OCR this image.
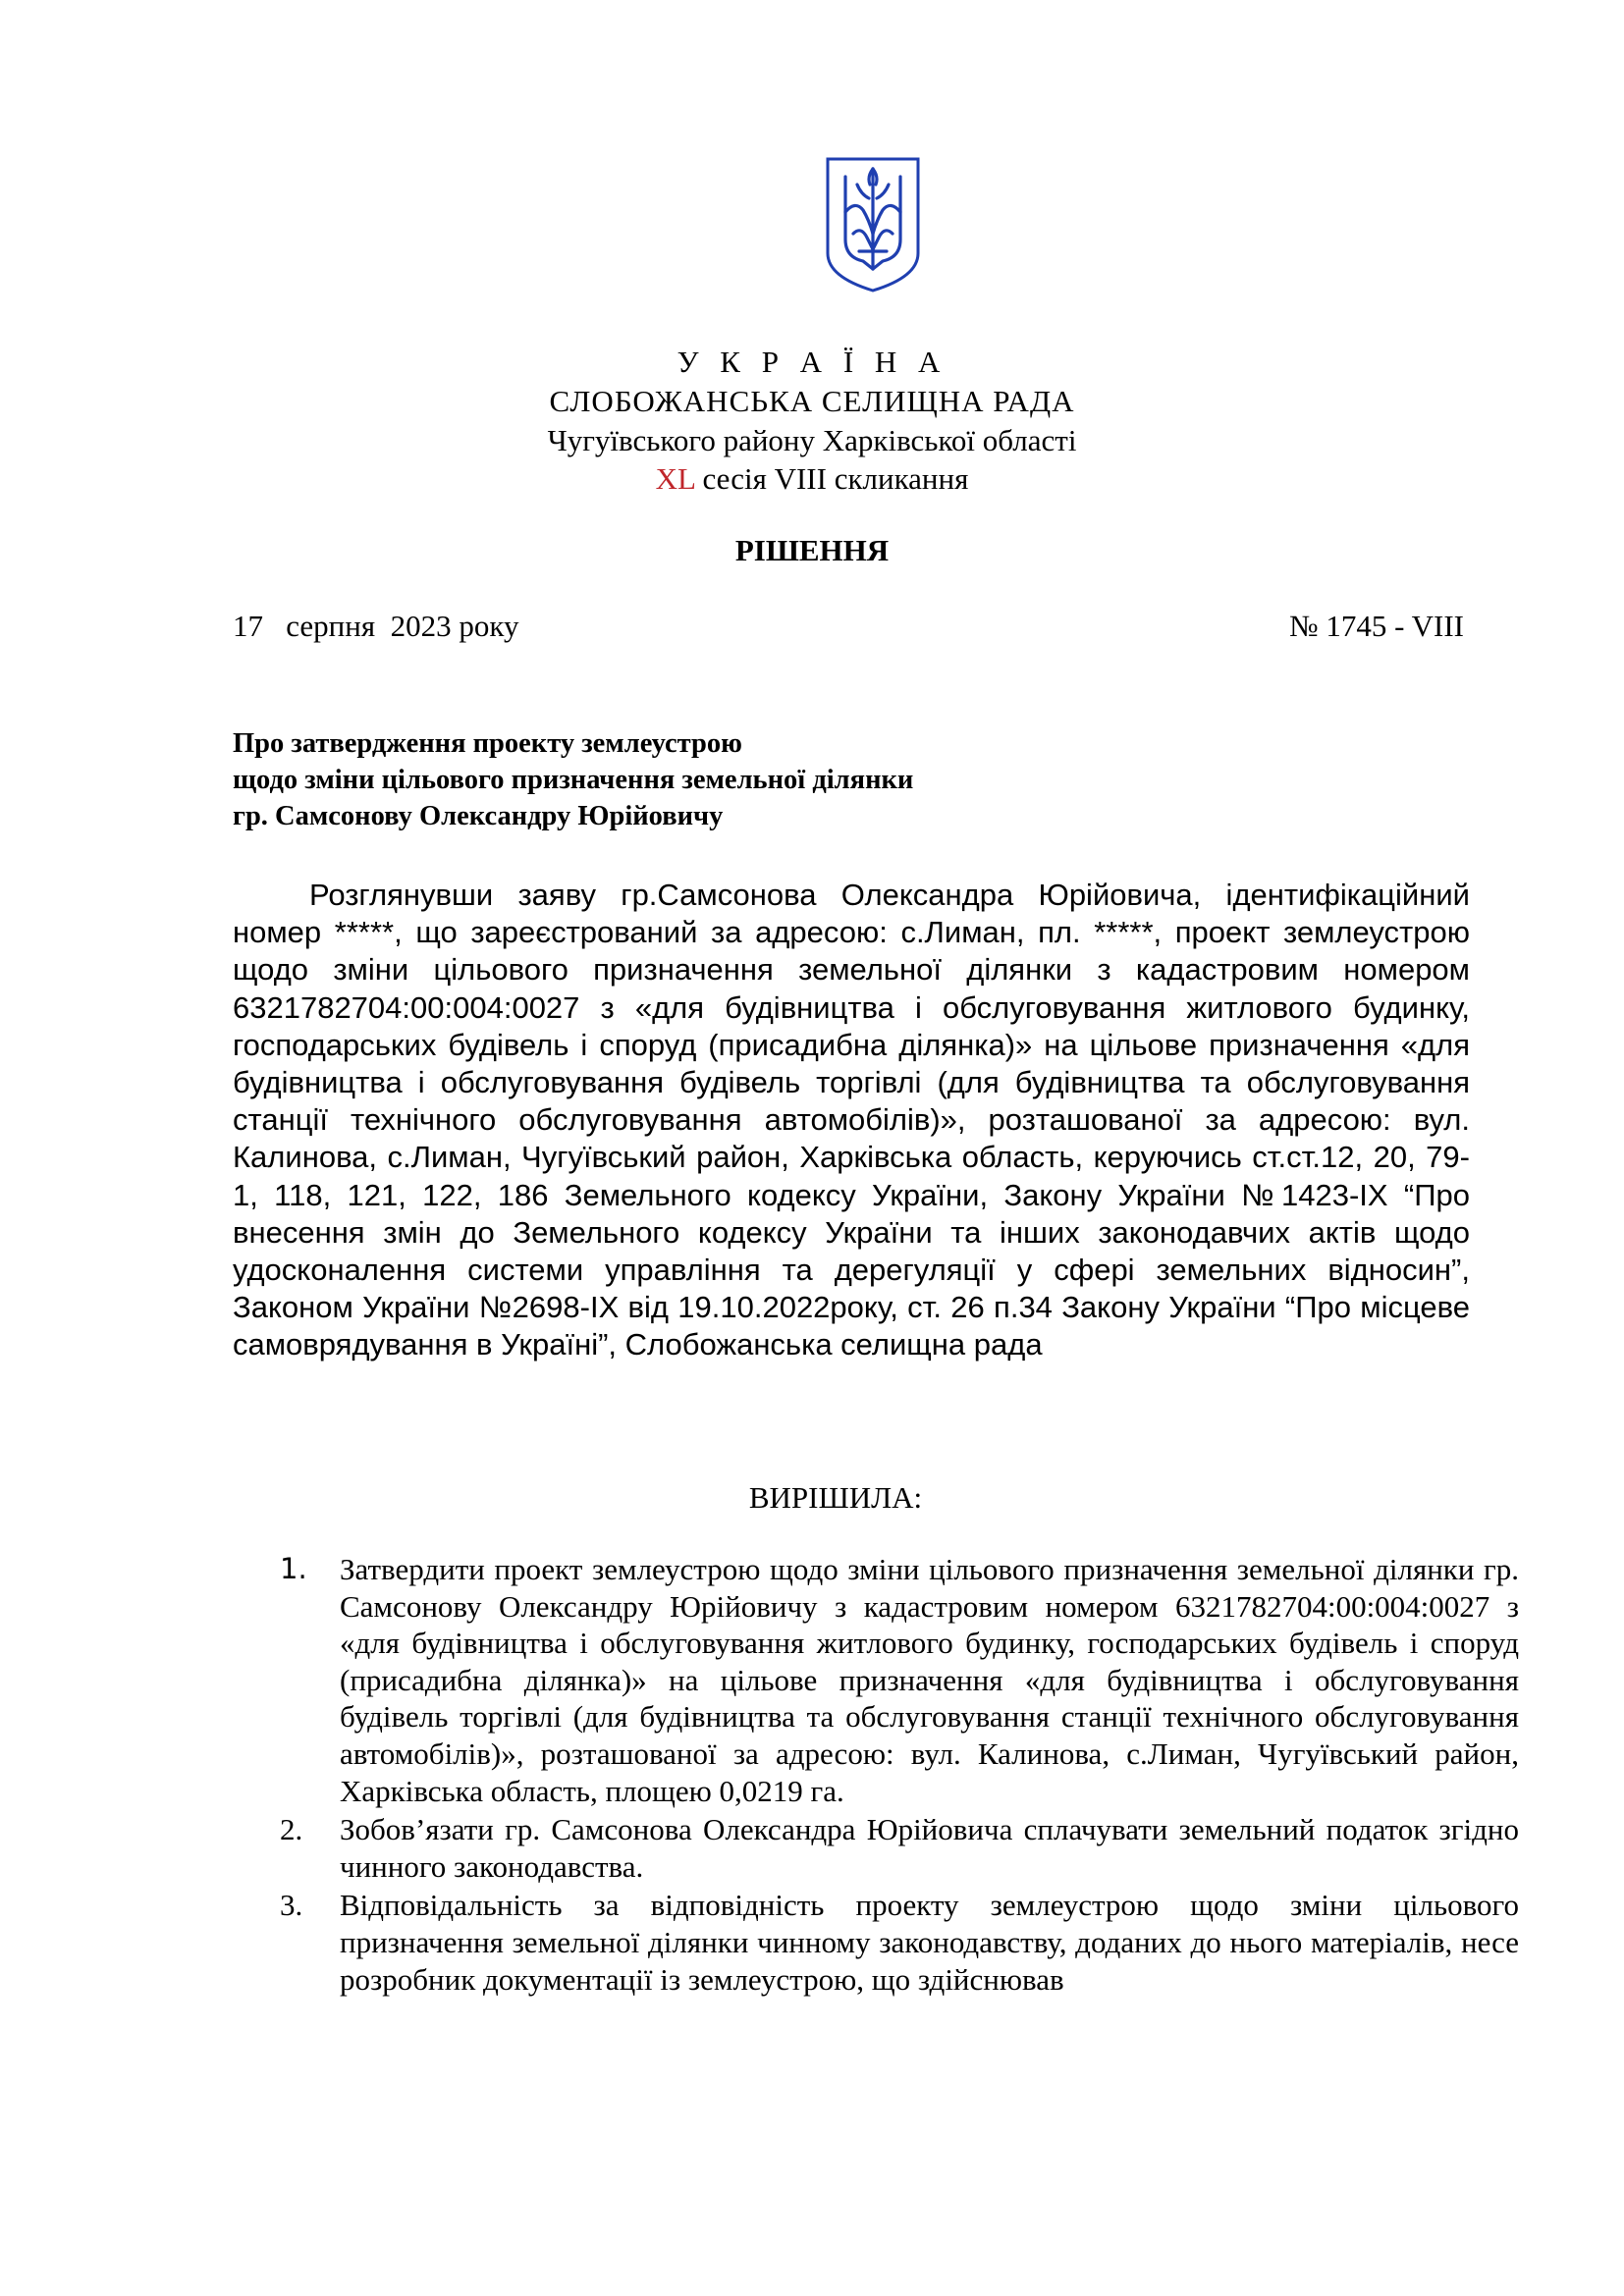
У К Р А Ї Н А
СЛОБОЖАНСЬКА СЕЛИЩНА РАДА
Чугуївського району Харківської області
XL сесія VIII скликання
РІШЕННЯ
17   серпня  2023 року	№ 1745 - VIII
Про затвердження проекту землеустрою
щодо зміни цільового призначення земельної ділянки
гр. Самсонову Олександру Юрійовичу
Розглянувши заяву гр.Самсонова Олександра Юрійовича, ідентифікаційний номер *****, що зареєстрований за адресою: с.Лиман, пл. *****, проект землеустрою щодо зміни цільового призначення земельної ділянки з кадастровим номером 6321782704:00:004:0027 з «для будівництва і обслуговування житлового будинку, господарських будівель і споруд (присадибна ділянка)» на цільове призначення «для будівництва і обслуговування будівель торгівлі (для будівництва та обслуговування станції технічного обслуговування автомобілів)», розташованої за адресою: вул. Калинова, с.Лиман, Чугуївський район, Харківська область, керуючись ст.ст.12, 20, 79-1, 118, 121, 122, 186 Земельного кодексу України, Закону України №1423-IX “Про внесення змін до Земельного кодексу України та інших законодавчих актів щодо удосконалення системи управління та дерегуляції у сфері земельних відносин”, Законом України №2698-IX від 19.10.2022року, ст. 26 п.34 Закону України “Про місцеве самоврядування в Україні”, Слобожанська селищна рада
ВИРІШИЛА:
1. Затвердити проект землеустрою щодо зміни цільового призначення земельної ділянки гр. Самсонову Олександру Юрійовичу з кадастровим номером 6321782704:00:004:0027 з «для будівництва і обслуговування житлового будинку, господарських будівель і споруд (присадибна ділянка)» на цільове призначення «для будівництва і обслуговування будівель торгівлі (для будівництва та обслуговування станції технічного обслуговування автомобілів)», розташованої за адресою: вул. Калинова, с.Лиман, Чугуївський район, Харківська область, площею 0,0219 га.
2. Зобов’язати гр. Самсонова Олександра Юрійовича сплачувати земельний податок згідно чинного законодавства.
3. Відповідальність за відповідність проекту землеустрою щодо зміни цільового призначення земельної ділянки чинному законодавству, доданих до нього матеріалів, несе розробник документації із землеустрою, що здійснював
